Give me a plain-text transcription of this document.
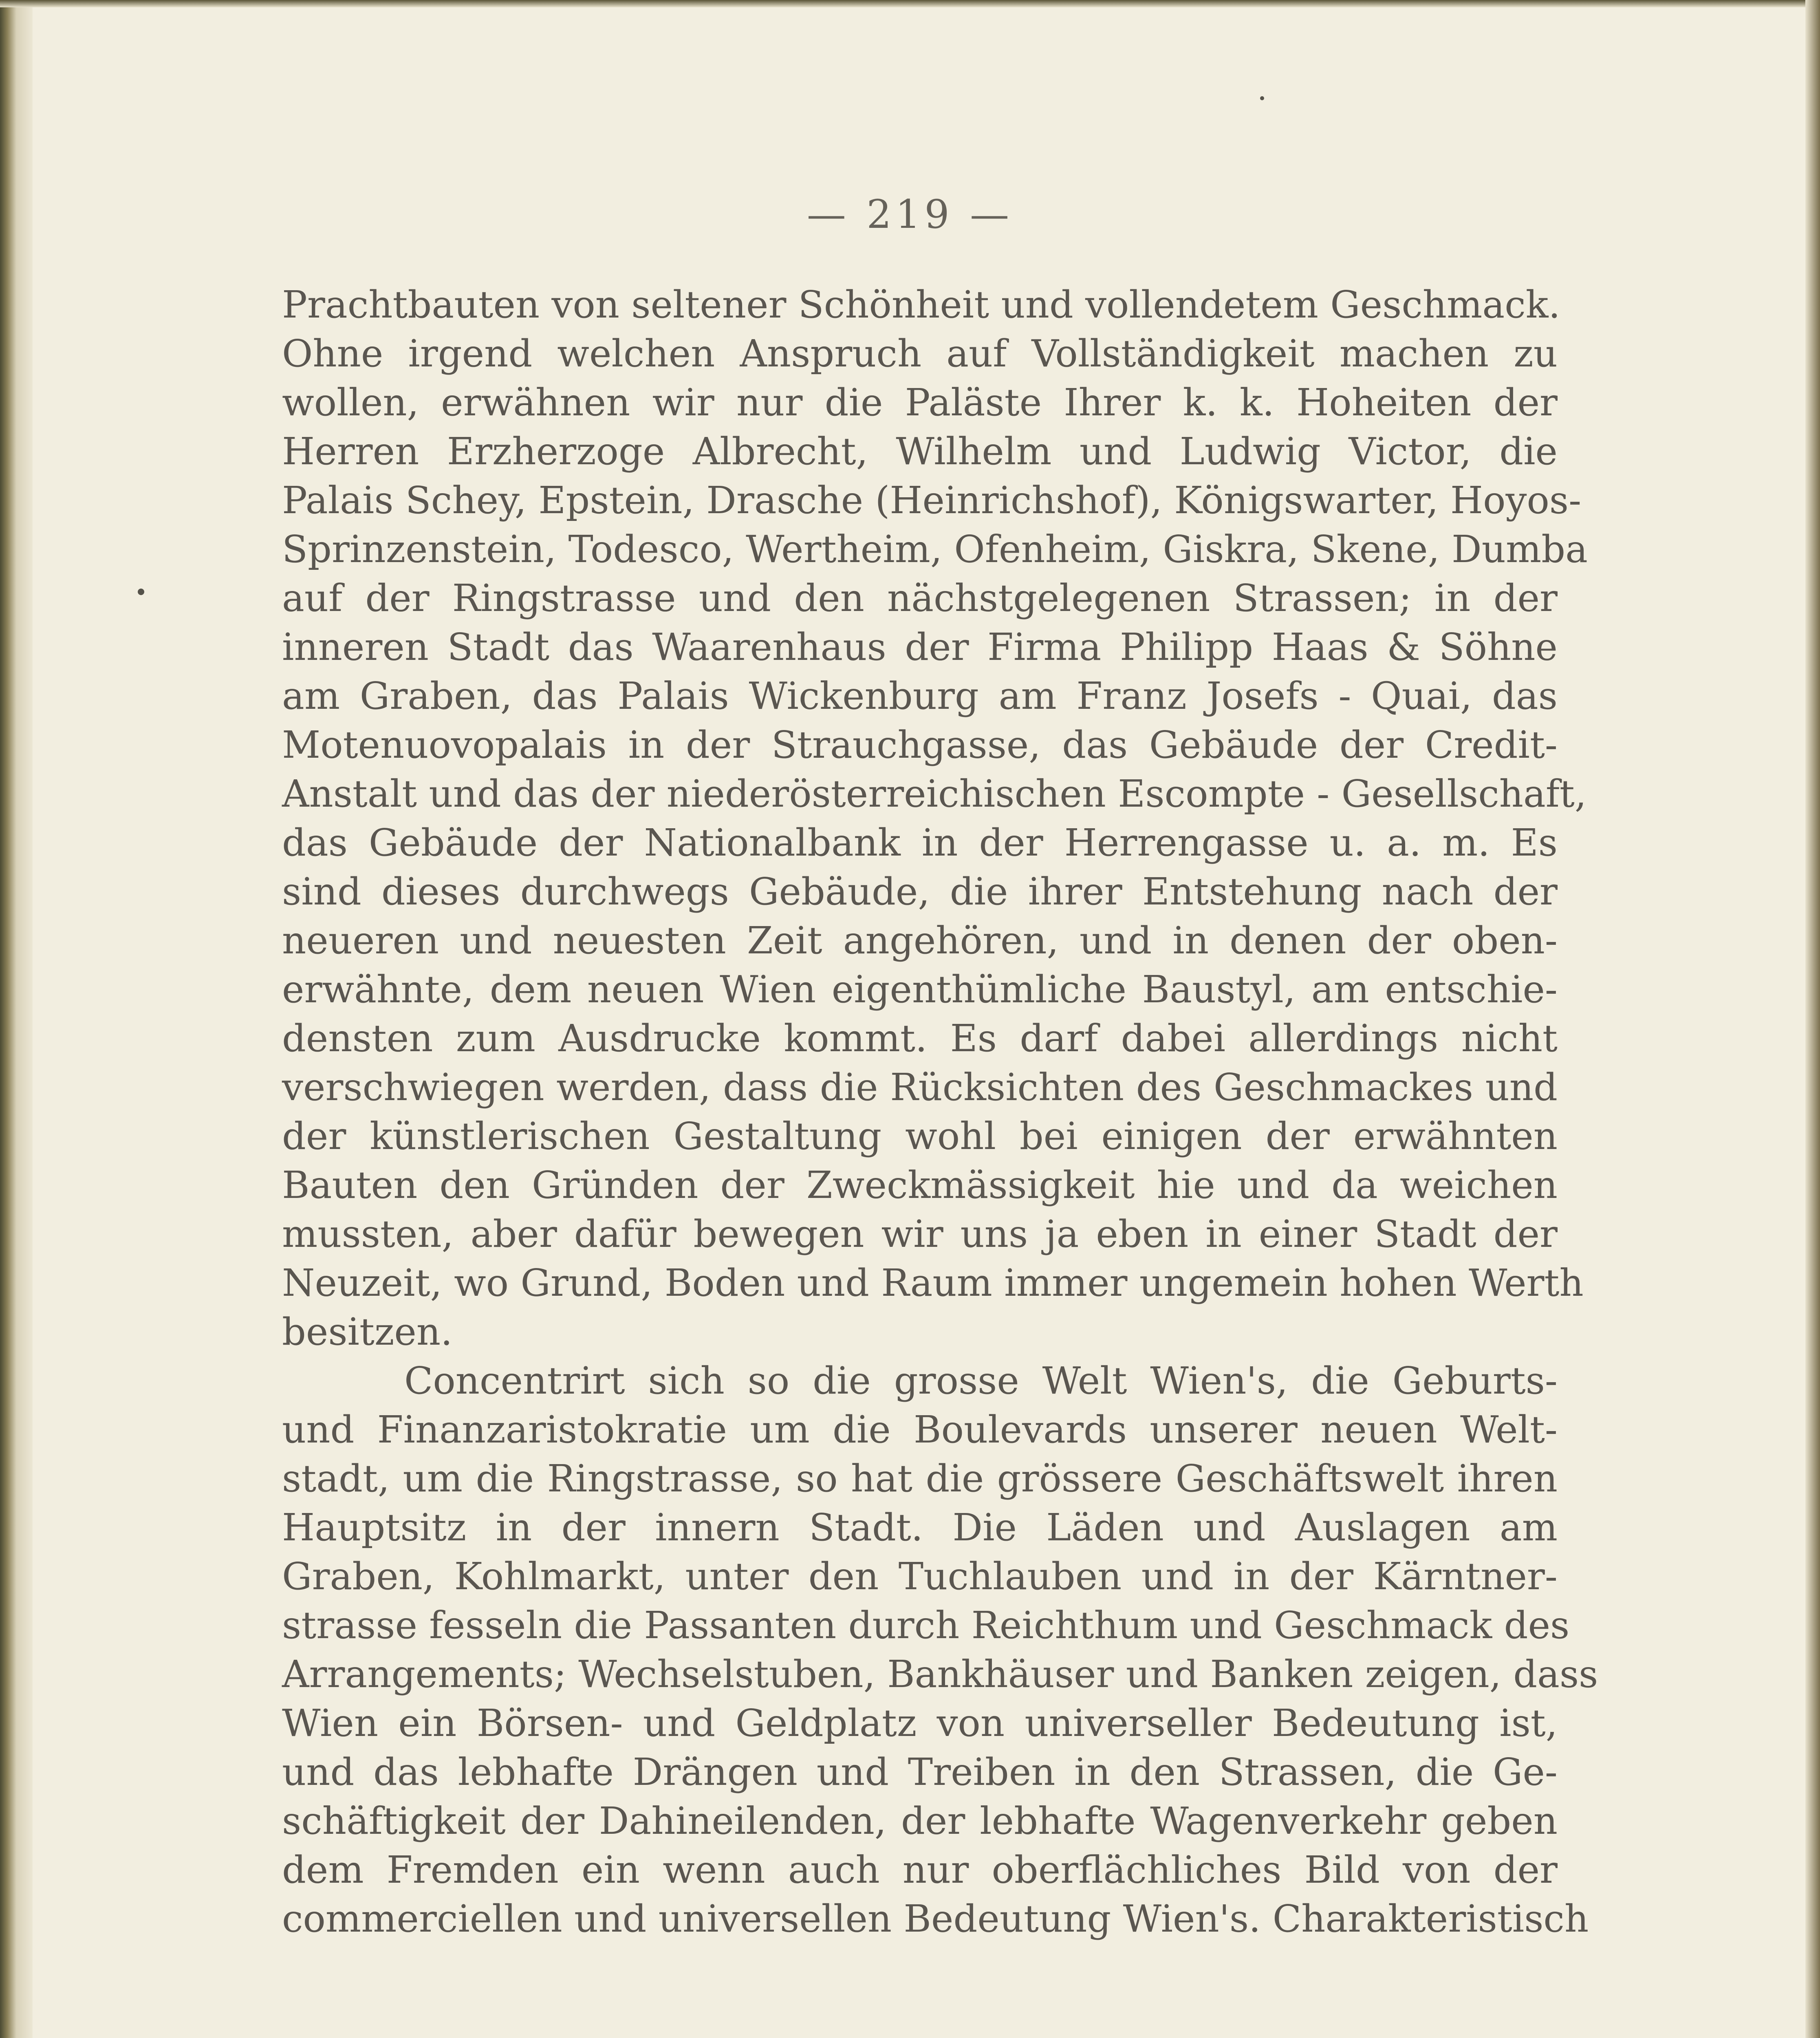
— 219 —
Prachtbauten von seltener Schönheit und vollendetem Geschmack.
Ohne irgend welchen Anspruch auf Vollständigkeit machen zu
wollen, erwähnen wir nur die Paläste Ihrer k. k. Hoheiten der
Herren Erzherzoge Albrecht, Wilhelm und Ludwig Victor, die
Palais Schey, Epstein, Drasche (Heinrichshof), Königswarter, Hoyos-
Sprinzenstein, Todesco, Wertheim, Ofenheim, Giskra, Skene, Dumba
auf der Ringstrasse und den nächstgelegenen Strassen; in der
inneren Stadt das Waarenhaus der Firma Philipp Haas & Söhne
am Graben, das Palais Wickenburg am Franz Josefs - Quai, das
Motenuovopalais in der Strauchgasse, das Gebäude der Credit-
Anstalt und das der niederösterreichischen Escompte - Gesellschaft,
das Gebäude der Nationalbank in der Herrengasse u. a. m. Es
sind dieses durchwegs Gebäude, die ihrer Entstehung nach der
neueren und neuesten Zeit angehören, und in denen der oben-
erwähnte, dem neuen Wien eigenthümliche Baustyl, am entschie-
densten zum Ausdrucke kommt. Es darf dabei allerdings nicht
verschwiegen werden, dass die Rücksichten des Geschmackes und
der künstlerischen Gestaltung wohl bei einigen der erwähnten
Bauten den Gründen der Zweckmässigkeit hie und da weichen
mussten, aber dafür bewegen wir uns ja eben in einer Stadt der
Neuzeit, wo Grund, Boden und Raum immer ungemein hohen Werth
besitzen.
Concentrirt sich so die grosse Welt Wien's, die Geburts-
und Finanzaristokratie um die Boulevards unserer neuen Welt-
stadt, um die Ringstrasse, so hat die grössere Geschäftswelt ihren
Hauptsitz in der innern Stadt. Die Läden und Auslagen am
Graben, Kohlmarkt, unter den Tuchlauben und in der Kärntner-
strasse fesseln die Passanten durch Reichthum und Geschmack des
Arrangements; Wechselstuben, Bankhäuser und Banken zeigen, dass
Wien ein Börsen- und Geldplatz von universeller Bedeutung ist,
und das lebhafte Drängen und Treiben in den Strassen, die Ge-
schäftigkeit der Dahineilenden, der lebhafte Wagenverkehr geben
dem Fremden ein wenn auch nur oberflächliches Bild von der
commerciellen und universellen Bedeutung Wien's. Charakteristisch
